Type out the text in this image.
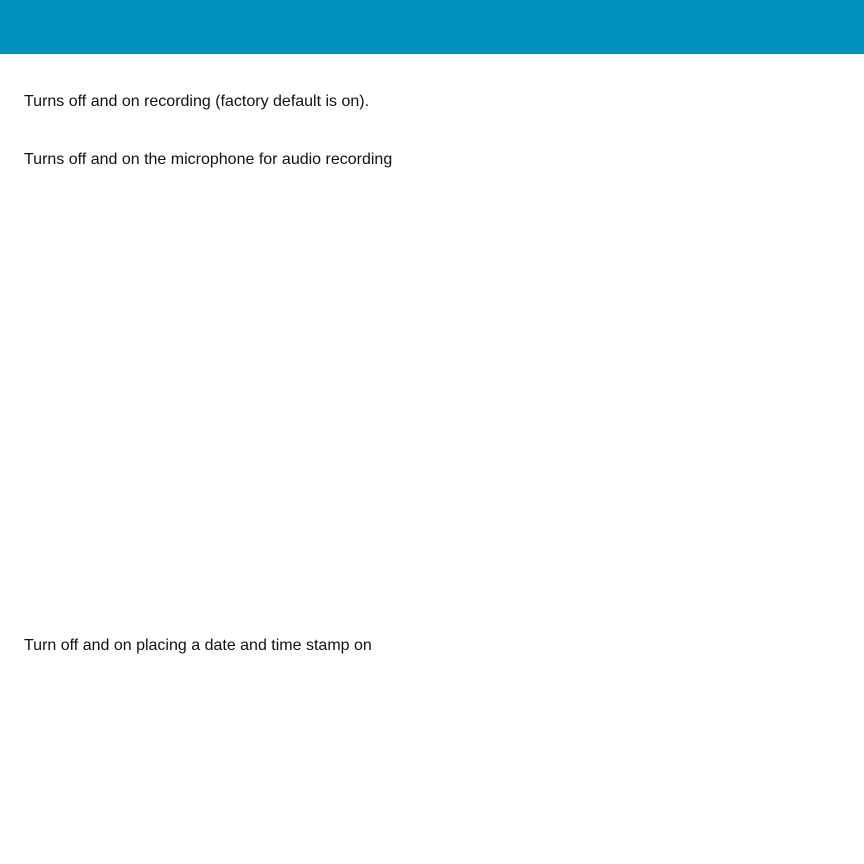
Turns off and on recording (factory default is on).

Turns off and on the microphone for audio recording

Turn off and on placing a date and time stamp on
